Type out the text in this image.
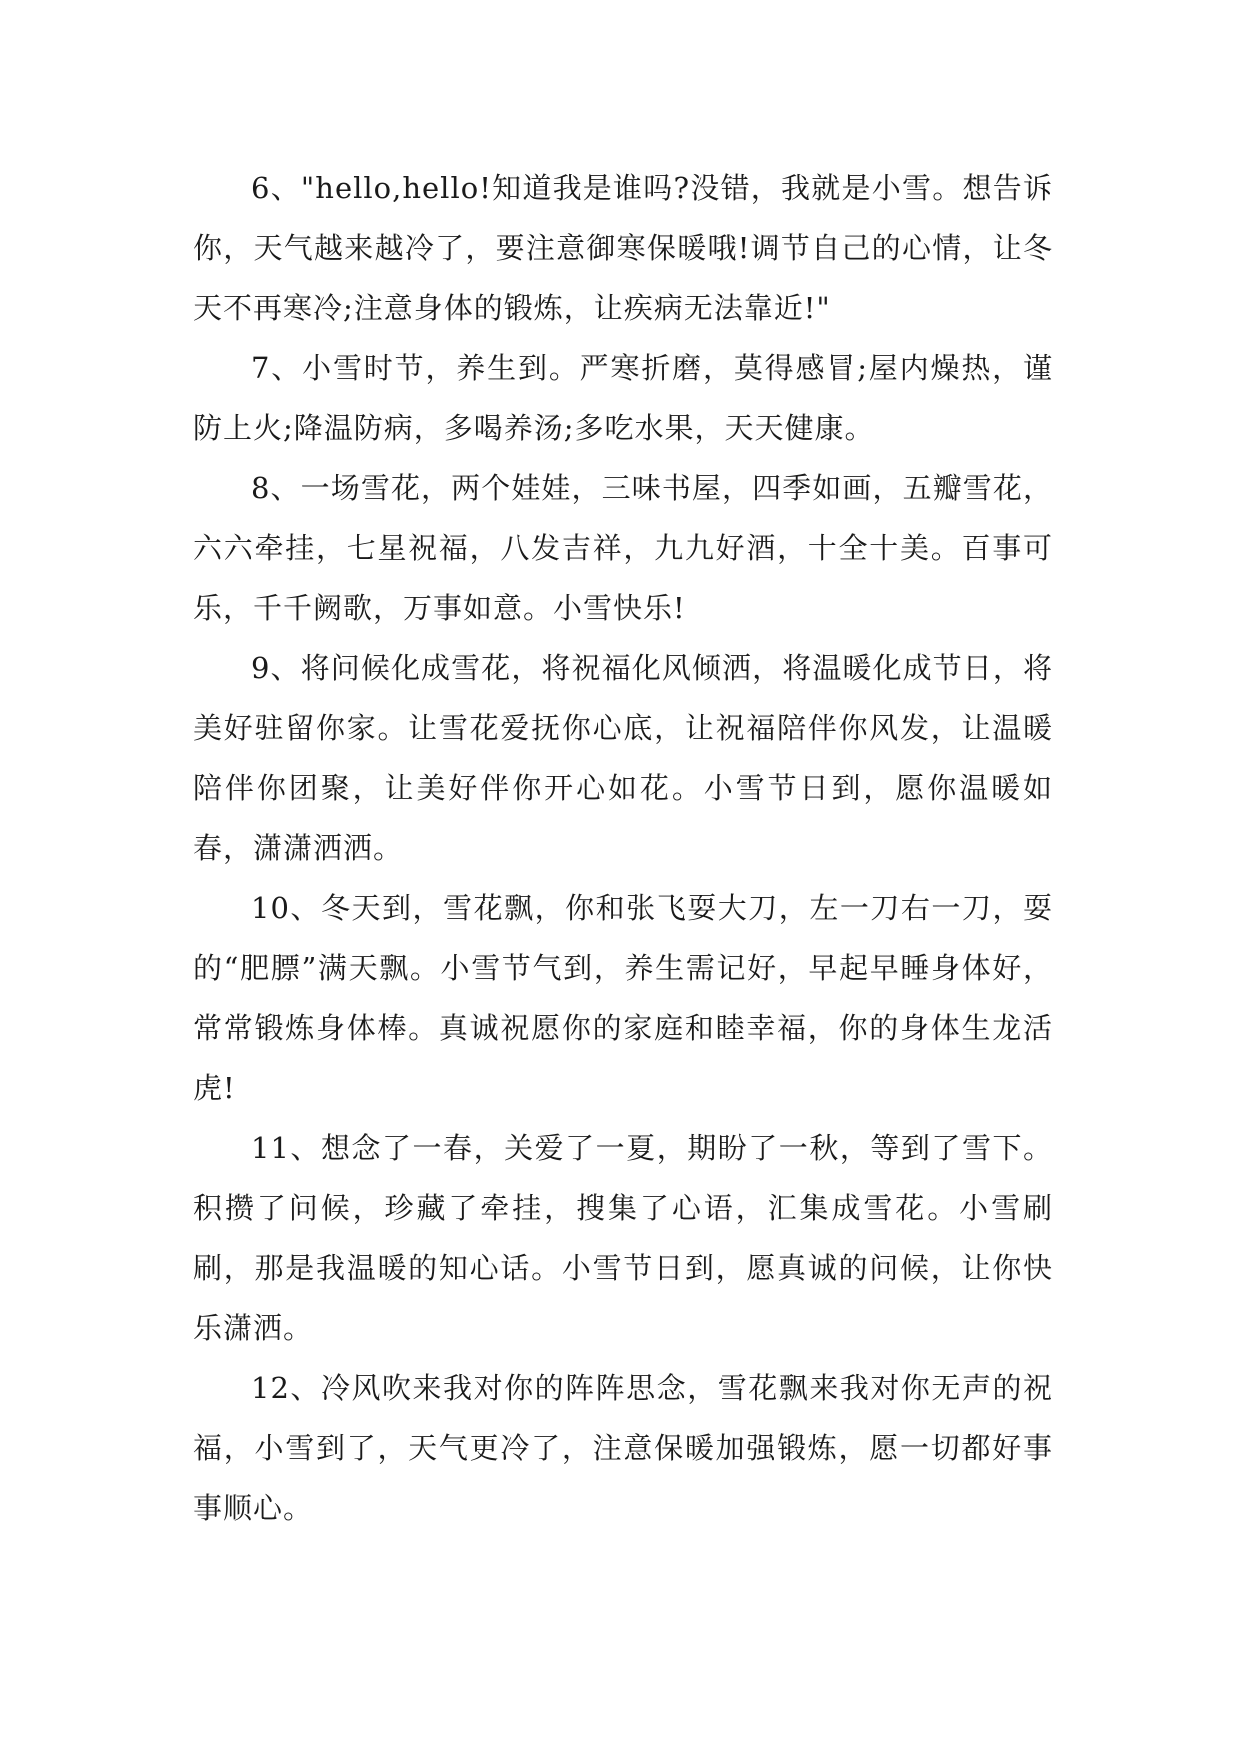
6、"hello,hello!知道我是谁吗?没错，我就是小雪。想告诉你，天气越来越冷了，要注意御寒保暖哦!调节自己的心情，让冬天不再寒冷;注意身体的锻炼，让疾病无法靠近!"

7、小雪时节，养生到。严寒折磨，莫得感冒;屋内燥热，谨防上火;降温防病，多喝养汤;多吃水果，天天健康。

8、一场雪花，两个娃娃，三味书屋，四季如画，五瓣雪花，六六牵挂，七星祝福，八发吉祥，九九好酒，十全十美。百事可乐，千千阙歌，万事如意。小雪快乐!

9、将问候化成雪花，将祝福化风倾洒，将温暖化成节日，将美好驻留你家。让雪花爱抚你心底，让祝福陪伴你风发，让温暖陪伴你团聚，让美好伴你开心如花。小雪节日到，愿你温暖如春，潇潇洒洒。

10、冬天到，雪花飘，你和张飞耍大刀，左一刀右一刀，耍的“肥膘”满天飘。小雪节气到，养生需记好，早起早睡身体好，常常锻炼身体棒。真诚祝愿你的家庭和睦幸福，你的身体生龙活虎!

11、想念了一春，关爱了一夏，期盼了一秋，等到了雪下。积攒了问候，珍藏了牵挂，搜集了心语，汇集成雪花。小雪刷刷，那是我温暖的知心话。小雪节日到，愿真诚的问候，让你快乐潇洒。

12、冷风吹来我对你的阵阵思念，雪花飘来我对你无声的祝福，小雪到了，天气更冷了，注意保暖加强锻炼，愿一切都好事事顺心。
